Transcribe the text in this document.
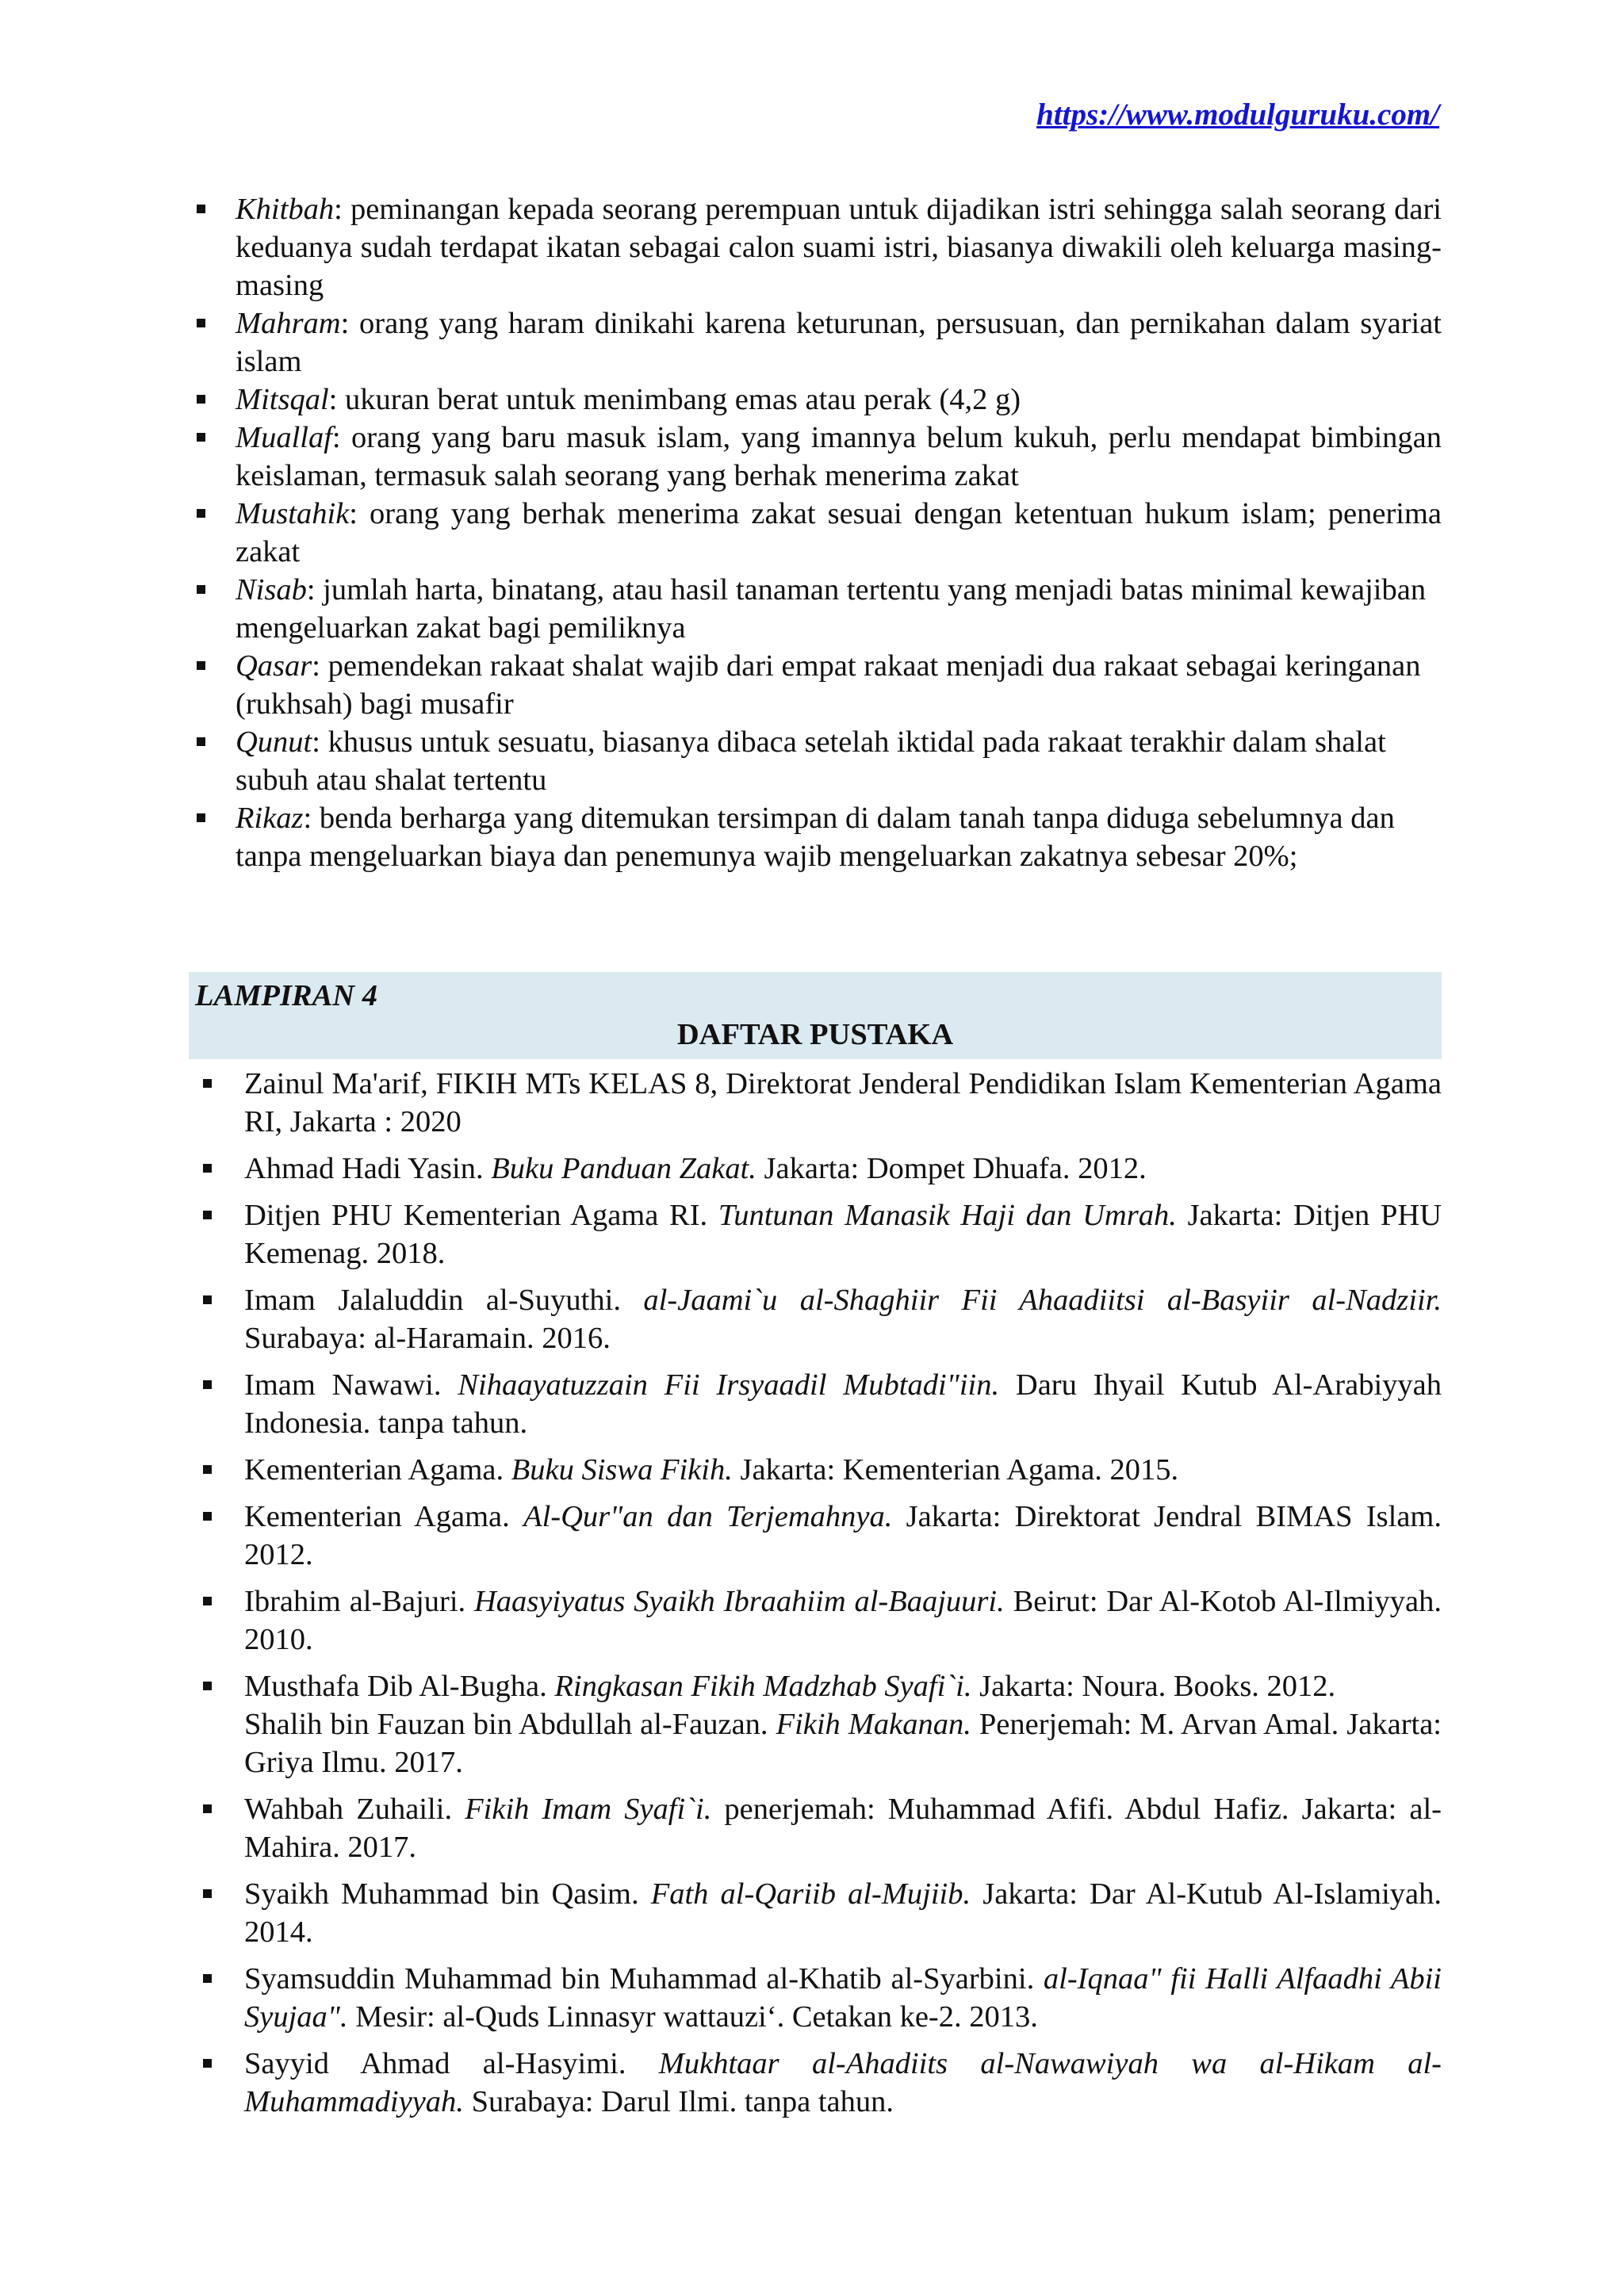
https://www.modulguruku.com/
Khitbah: peminangan kepada seorang perempuan untuk dijadikan istri sehingga salah seorang dari keduanya sudah terdapat ikatan sebagai calon suami istri, biasanya diwakili oleh keluarga masing-masing
Mahram: orang yang haram dinikahi karena keturunan, persusuan, dan pernikahan dalam syariat islam
Mitsqal: ukuran berat untuk menimbang emas atau perak (4,2 g)
Muallaf: orang yang baru masuk islam, yang imannya belum kukuh, perlu mendapat bimbingan keislaman, termasuk salah seorang yang berhak menerima zakat
Mustahik: orang yang berhak menerima zakat sesuai dengan ketentuan hukum islam; penerima zakat
Nisab: jumlah harta, binatang, atau hasil tanaman tertentu yang menjadi batas minimal kewajiban mengeluarkan zakat bagi pemiliknya
Qasar: pemendekan rakaat shalat wajib dari empat rakaat menjadi dua rakaat sebagai keringanan (rukhsah) bagi musafir
Qunut: khusus untuk sesuatu, biasanya dibaca setelah iktidal pada rakaat terakhir dalam shalat subuh atau shalat tertentu
Rikaz: benda berharga yang ditemukan tersimpan di dalam tanah tanpa diduga sebelumnya dan tanpa mengeluarkan biaya dan penemunya wajib mengeluarkan zakatnya sebesar 20%;
LAMPIRAN 4
DAFTAR PUSTAKA
Zainul Ma'arif, FIKIH MTs KELAS 8, Direktorat Jenderal Pendidikan Islam Kementerian Agama RI, Jakarta : 2020
Ahmad Hadi Yasin. Buku Panduan Zakat. Jakarta: Dompet Dhuafa. 2012.
Ditjen PHU Kementerian Agama RI. Tuntunan Manasik Haji dan Umrah. Jakarta: Ditjen PHU Kemenag. 2018.
Imam Jalaluddin al-Suyuthi. al-Jaami`u al-Shaghiir Fii Ahaadiitsi al-Basyiir al-Nadziir. Surabaya: al-Haramain. 2016.
Imam Nawawi. Nihaayatuzzain Fii Irsyaadil Mubtadi"iin. Daru Ihyail Kutub Al-Arabiyyah Indonesia. tanpa tahun.
Kementerian Agama. Buku Siswa Fikih. Jakarta: Kementerian Agama. 2015.
Kementerian Agama. Al-Qur"an dan Terjemahnya. Jakarta: Direktorat Jendral BIMAS Islam. 2012.
Ibrahim al-Bajuri. Haasyiyatus Syaikh Ibraahiim al-Baajuuri. Beirut: Dar Al-Kotob Al-Ilmiyyah. 2010.
Musthafa Dib Al-Bugha. Ringkasan Fikih Madzhab Syafi`i. Jakarta: Noura. Books. 2012.
Shalih bin Fauzan bin Abdullah al-Fauzan. Fikih Makanan. Penerjemah: M. Arvan Amal. Jakarta: Griya Ilmu. 2017.
Wahbah Zuhaili. Fikih Imam Syafi`i. penerjemah: Muhammad Afifi. Abdul Hafiz. Jakarta: al-Mahira. 2017.
Syaikh Muhammad bin Qasim. Fath al-Qariib al-Mujiib. Jakarta: Dar Al-Kutub Al-Islamiyah. 2014.
Syamsuddin Muhammad bin Muhammad al-Khatib al-Syarbini. al-Iqnaa" fii Halli Alfaadhi Abii Syujaa". Mesir: al-Quds Linnasyr wattauziʻ. Cetakan ke-2. 2013.
Sayyid Ahmad al-Hasyimi. Mukhtaar al-Ahadiits al-Nawawiyah wa al-Hikam al-Muhammadiyyah. Surabaya: Darul Ilmi. tanpa tahun.
